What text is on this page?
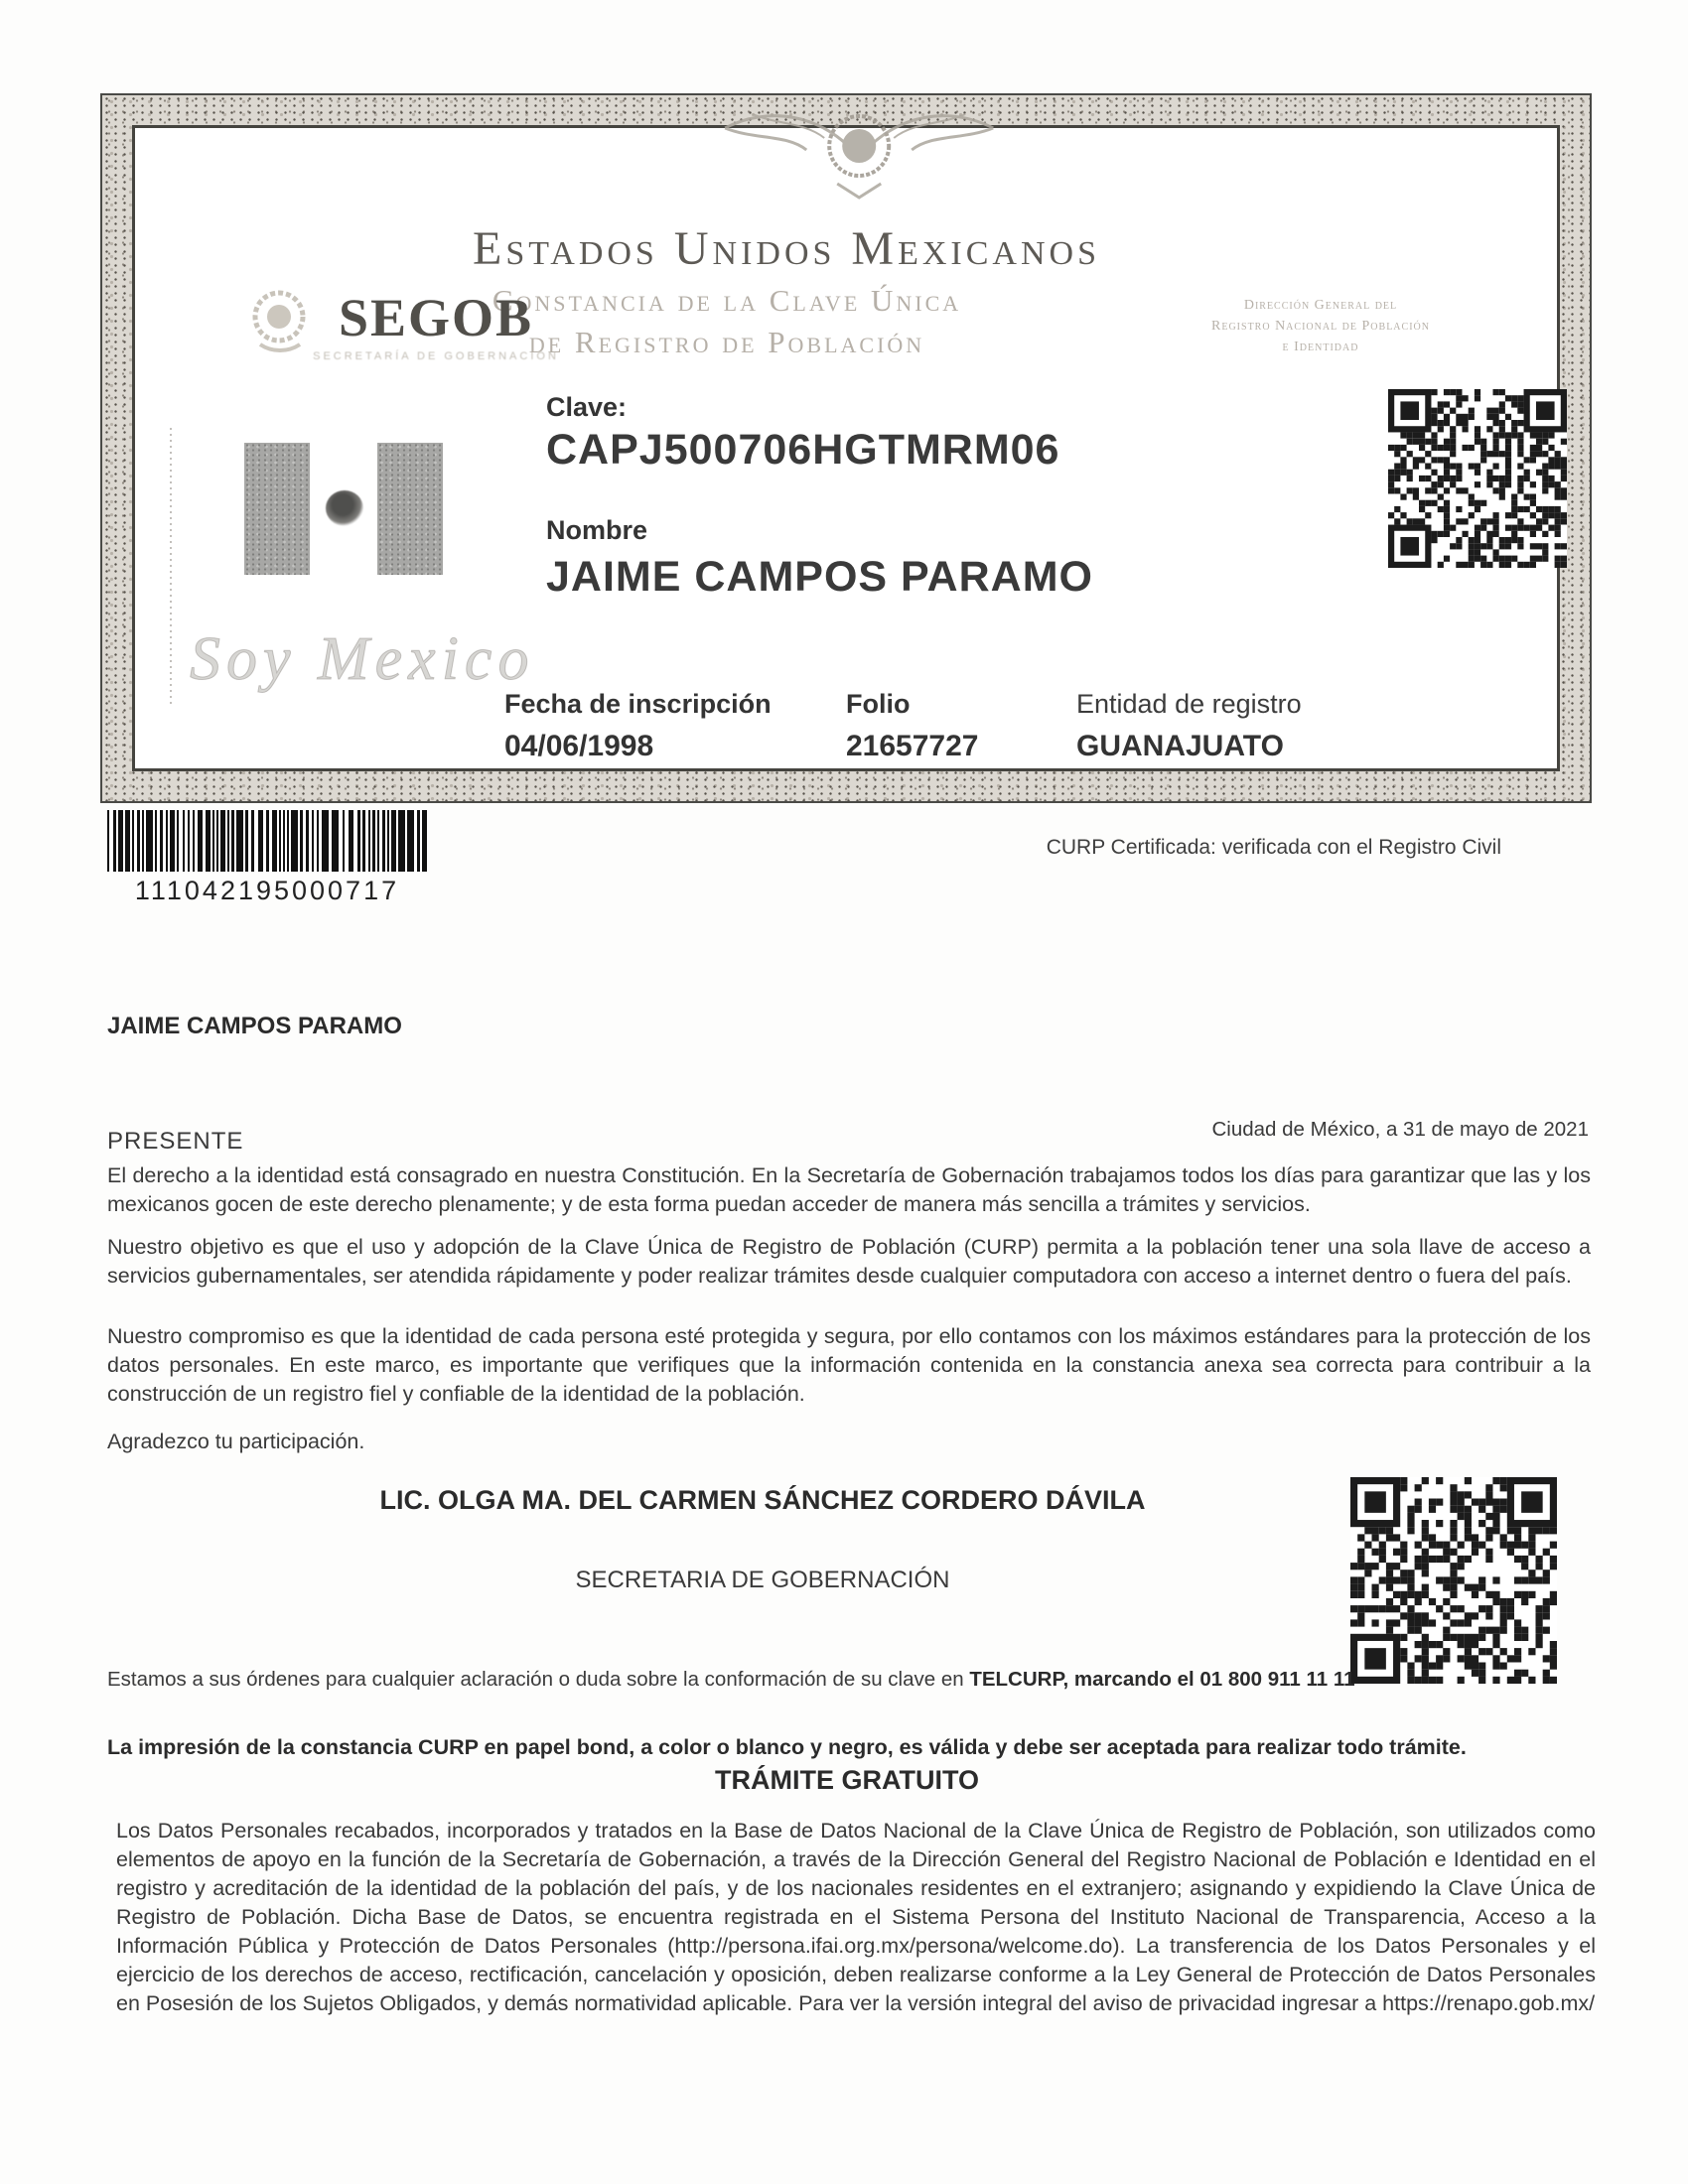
Estados Unidos Mexicanos
Constancia de la Clave Única
de Registro de Población
SEGOB
SECRETARÍA DE GOBERNACIÓN
Dirección General del
Registro Nacional de Población
e Identidad
Clave:
CAPJ500706HGTMRM06
Nombre
JAIME CAMPOS PARAMO
Soy Mexico
Fecha de inscripción
04/06/1998
Folio
21657727
Entidad de registro
GUANAJUATO
111042195000717
CURP Certificada: verificada con el Registro Civil
JAIME CAMPOS PARAMO
Ciudad de México, a 31 de mayo de 2021
PRESENTE
El derecho a la identidad está consagrado en nuestra Constitución. En la Secretaría de Gobernación trabajamos todos los días para garantizar que las y los mexicanos gocen de este derecho plenamente; y de esta forma puedan acceder de manera más sencilla a trámites y servicios.
Nuestro objetivo es que el uso y adopción de la Clave Única de Registro de Población (CURP) permita a la población tener una sola llave de acceso a servicios gubernamentales, ser atendida rápidamente y poder realizar trámites desde cualquier computadora con acceso a internet dentro o fuera del país.
Nuestro compromiso es que la identidad de cada persona esté protegida y segura, por ello contamos con los máximos estándares para la protección de los datos personales. En este marco, es importante que verifiques que la información contenida en la constancia anexa sea correcta para contribuir a la construcción de un registro fiel y confiable de la identidad de la población.
Agradezco tu participación.
LIC. OLGA MA. DEL CARMEN SÁNCHEZ CORDERO DÁVILA
SECRETARIA DE GOBERNACIÓN
Estamos a sus órdenes para cualquier aclaración o duda sobre la conformación de su clave en TELCURP, marcando el 01 800 911 11 11
La impresión de la constancia CURP en papel bond, a color o blanco y negro, es válida y debe ser aceptada para realizar todo trámite.
TRÁMITE GRATUITO
Los Datos Personales recabados, incorporados y tratados en la Base de Datos Nacional de la Clave Única de Registro de Población, son utilizados como elementos de apoyo en la función de la Secretaría de Gobernación, a través de la Dirección General del Registro Nacional de Población e Identidad en el registro y acreditación de la identidad de la población del país, y de los nacionales residentes en el extranjero; asignando y expidiendo la Clave Única de Registro de Población. Dicha Base de Datos, se encuentra registrada en el Sistema Persona del Instituto Nacional de Transparencia, Acceso a la Información Pública y Protección de Datos Personales (http://persona.ifai.org.mx/persona/welcome.do). La transferencia de los Datos Personales y el ejercicio de los derechos de acceso, rectificación, cancelación y oposición, deben realizarse conforme a la Ley General de Protección de Datos Personales en Posesión de los Sujetos Obligados, y demás normatividad aplicable. Para ver la versión integral del aviso de privacidad ingresar a https://renapo.gob.mx/
